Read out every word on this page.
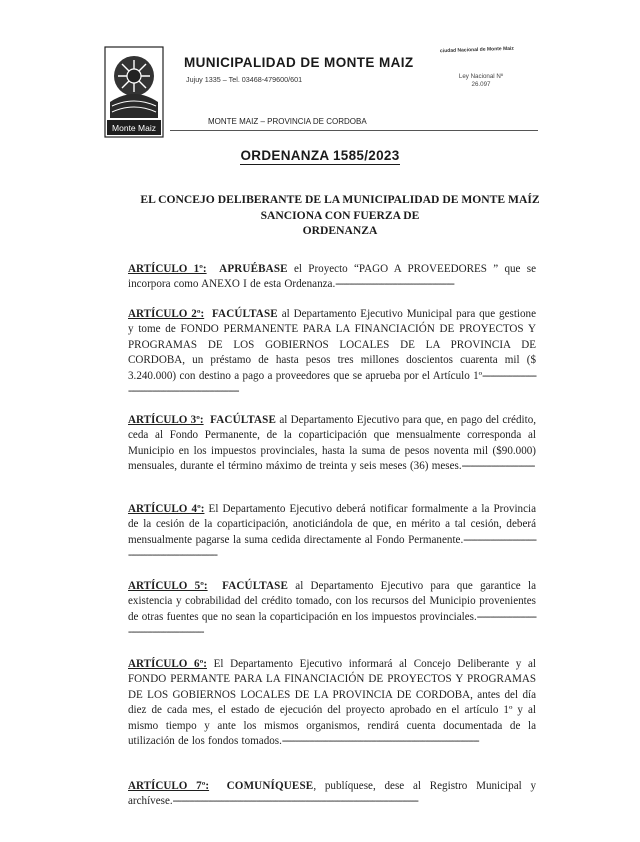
Monte Maiz
MUNICIPALIDAD DE MONTE MAIZ
Jujuy 1335 – Tel. 03468-479600/601
MONTE MAIZ – PROVINCIA DE CORDOBA
ciudad Nacional de Monte Maiz
Ley Nacional Nº 26.097
ORDENANZA 1585/2023
EL CONCEJO DELIBERANTE DE LA MUNICIPALIDAD DE MONTE MAÍZ
SANCIONA CON FUERZA DE
ORDENANZA
ARTÍCULO 1º: APRUÉBASE el Proyecto “PAGO A PROVEEDORES ” que se incorpora como ANEXO I de esta Ordenanza.--------------------------------------------
ARTÍCULO 2º: FACÚLTASE al Departamento Ejecutivo Municipal para que gestione y tome de FONDO PERMANENTE PARA LA FINANCIACIÓN DE PROYECTOS Y PROGRAMAS DE LOS GOBIERNOS LOCALES DE LA PROVINCIA DE CORDOBA, un préstamo de hasta pesos tres millones doscientos cuarenta mil ($ 3.240.000) con destino a pago a proveedores que se aprueba por el Artículo 1º-------------------------------------------------------------
ARTÍCULO 3º: FACÚLTASE al Departamento Ejecutivo para que, en pago del crédito, ceda al Fondo Permanente, de la coparticipación que mensualmente corresponda al Municipio en los impuestos provinciales, hasta la suma de pesos noventa mil ($90.000) mensuales, durante el término máximo de treinta y seis meses (36) meses.---------------------------
ARTÍCULO 4º: El Departamento Ejecutivo deberá notificar formalmente a la Provincia de la cesión de la coparticipación, anoticiándola de que, en mérito a tal cesión, deberá mensualmente pagarse la suma cedida directamente al Fondo Permanente.------------------------------------------------------------
ARTÍCULO 5º: FACÚLTASE al Departamento Ejecutivo para que garantice la existencia y cobrabilidad del crédito tomado, con los recursos del Municipio provenientes de otras fuentes que no sean la coparticipación en los impuestos provinciales.--------------------------------------------------
ARTÍCULO 6º: El Departamento Ejecutivo informará al Concejo Deliberante y al FONDO PERMANTE PARA LA FINANCIACIÓN DE PROYECTOS Y PROGRAMAS DE LOS GOBIERNOS LOCALES DE LA PROVINCIA DE CORDOBA, antes del día diez de cada mes, el estado de ejecución del proyecto aprobado en el artículo 1º y al mismo tiempo y ante los mismos organismos, rendirá cuenta documentada de la utilización de los fondos tomados.-------------------------------------------------------------------------
ARTÍCULO 7º: COMUNÍQUESE, publíquese, dese al Registro Municipal y archívese.-------------------------------------------------------------------------------------------
